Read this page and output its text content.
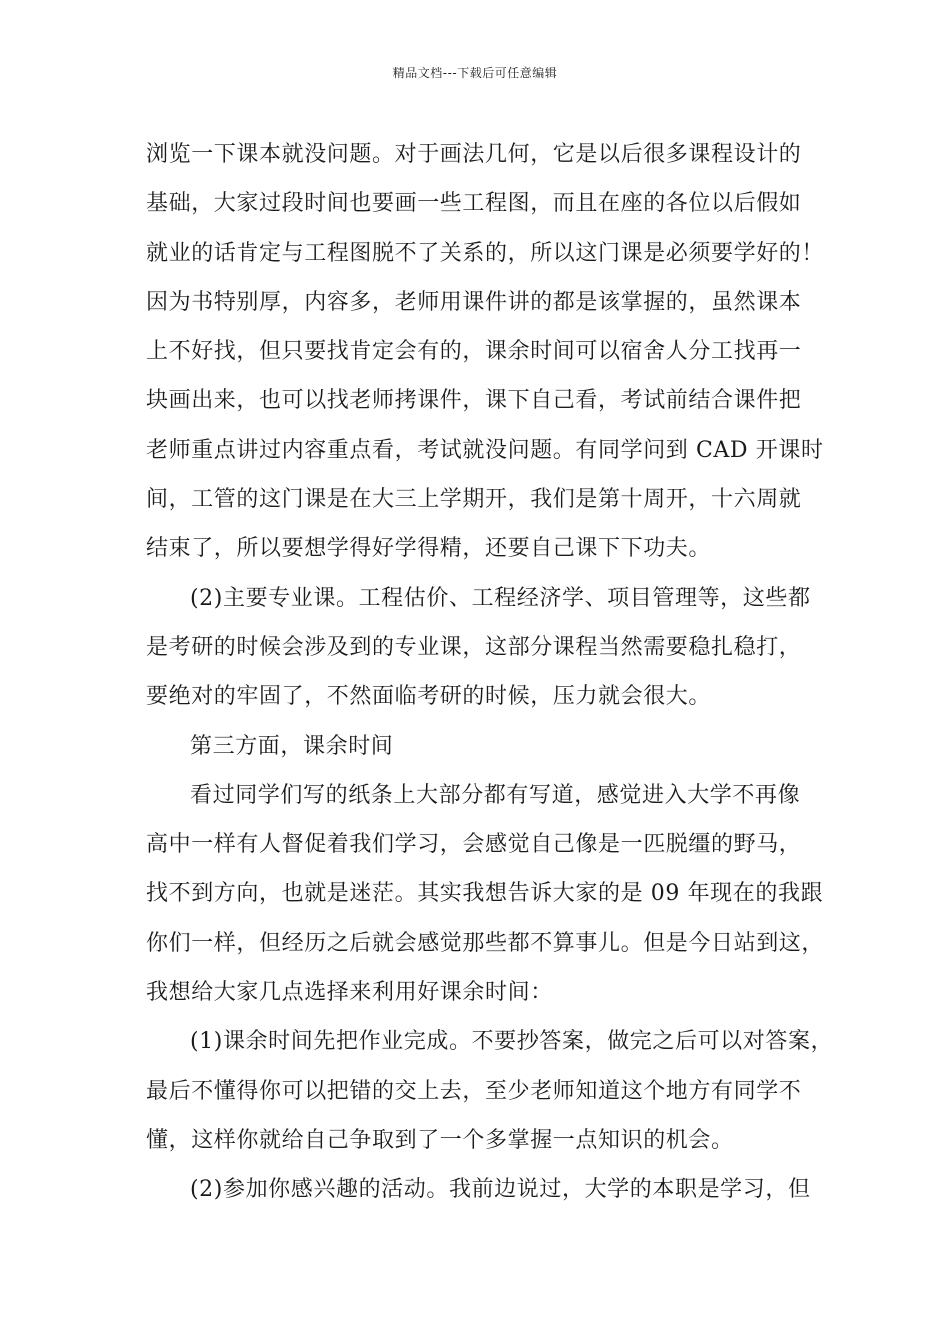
精品文档---下载后可任意编辑
浏览一下课本就没问题。对于画法几何，它是以后很多课程设计的
基础，大家过段时间也要画一些工程图，而且在座的各位以后假如
就业的话肯定与工程图脱不了关系的，所以这门课是必须要学好的！
因为书特别厚，内容多，老师用课件讲的都是该掌握的，虽然课本
上不好找，但只要找肯定会有的，课余时间可以宿舍人分工找再一
块画出来，也可以找老师拷课件，课下自己看，考试前结合课件把
老师重点讲过内容重点看，考试就没问题。有同学问到 CAD 开课时
间，工管的这门课是在大三上学期开，我们是第十周开，十六周就
结束了，所以要想学得好学得精，还要自己课下下功夫。
(2)主要专业课。工程估价、工程经济学、项目管理等，这些都
是考研的时候会涉及到的专业课，这部分课程当然需要稳扎稳打，
要绝对的牢固了，不然面临考研的时候，压力就会很大。
第三方面，课余时间
看过同学们写的纸条上大部分都有写道，感觉进入大学不再像
高中一样有人督促着我们学习，会感觉自己像是一匹脱缰的野马，
找不到方向，也就是迷茫。其实我想告诉大家的是 09 年现在的我跟
你们一样，但经历之后就会感觉那些都不算事儿。但是今日站到这，
我想给大家几点选择来利用好课余时间：
(1)课余时间先把作业完成。不要抄答案，做完之后可以对答案，
最后不懂得你可以把错的交上去，至少老师知道这个地方有同学不
懂，这样你就给自己争取到了一个多掌握一点知识的机会。
(2)参加你感兴趣的活动。我前边说过，大学的本职是学习，但
